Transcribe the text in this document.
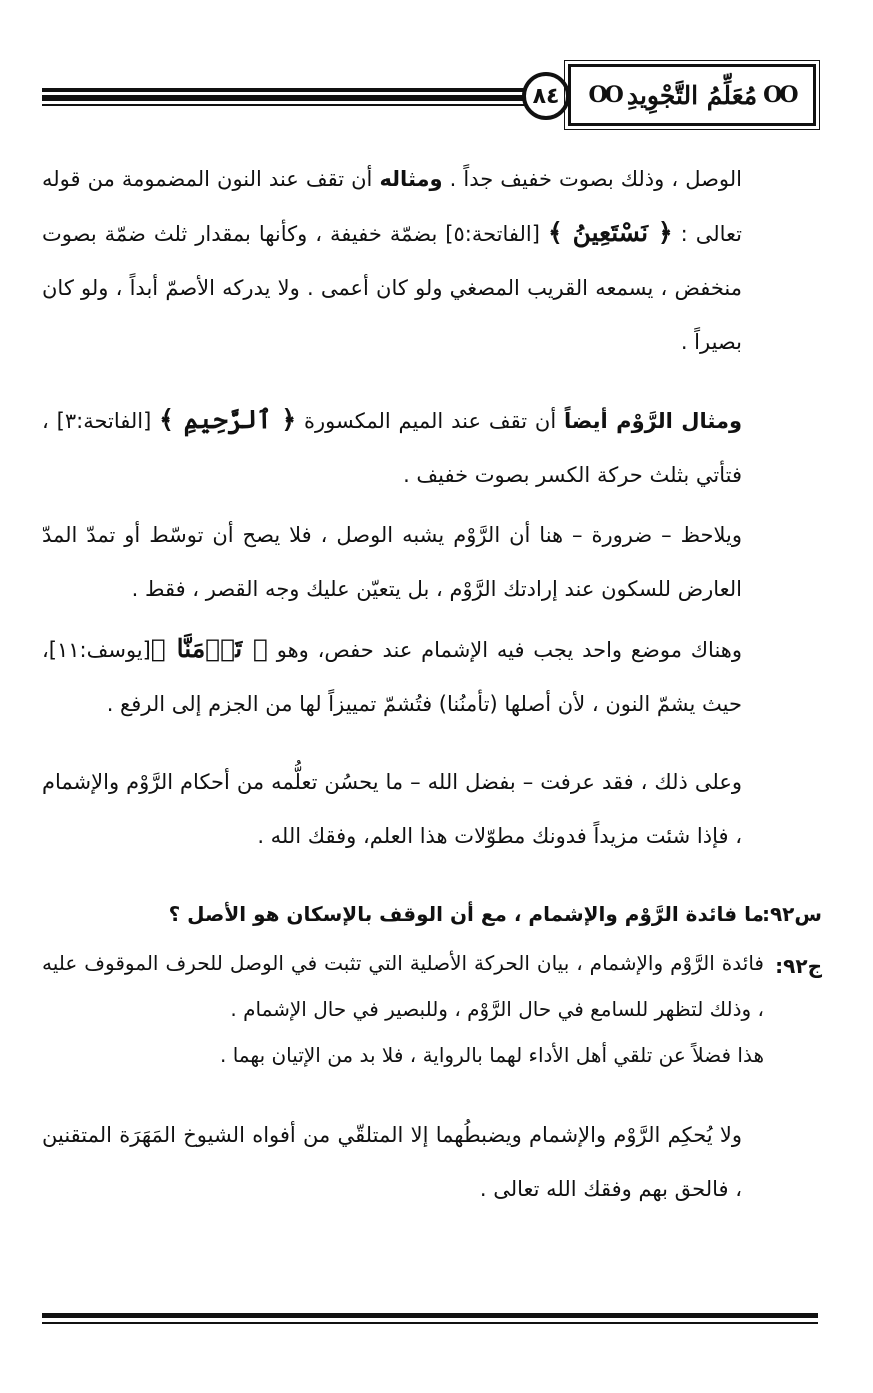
٨٤	OO
مُعَلِّمُ التَّجْوِيدِ
OO

الوصل ، وذلك بصوت خفيف جداً . ومثاله أن تقف عند النون المضمومة من قوله تعالى : ﴿ نَسْتَعِينُ ﴾ [الفاتحة:٥] بضمّة خفيفة ، وكأنها بمقدار ثلث ضمّة بصوت منخفض ، يسمعه القريب المصغي ولو كان أعمى . ولا يدركه الأصمّ أبداً ، ولو كان بصيراً .

ومثال الرَّوْم أيضاً أن تقف عند الميم المكسورة ﴿ ٱلرَّحِيمِ ﴾ [الفاتحة:٣] ، فتأتي بثلث حركة الكسر بصوت خفيف .

ويلاحظ – ضرورة – هنا أن الرَّوْم يشبه الوصل ، فلا يصح أن توسّط أو تمدّ المدّ العارض للسكون عند إرادتك الرَّوْم ، بل يتعيّن عليك وجه القصر ، فقط .

وهناك موضع واحد يجب فيه الإشمام عند حفص، وهو ﴿ تَأۡمَنَّا ﴾[يوسف:١١]، حيث يشمّ النون ، لأن أصلها (تأمنُنا) فتُشمّ تمييزاً لها من الجزم إلى الرفع .

وعلى ذلك ، فقد عرفت – بفضل الله – ما يحسُن تعلُّمه من أحكام الرَّوْم والإشمام ، فإذا شئت مزيداً فدونك مطوّلات هذا العلم، وفقك الله .

س٩٢:
ما فائدة الرَّوْم والإشمام ، مع أن الوقف بالإسكان هو الأصل ؟
ج٩٢:
فائدة الرَّوْم والإشمام ، بيان الحركة الأصلية التي تثبت في الوصل للحرف الموقوف عليه ، وذلك لتظهر للسامع في حال الرَّوْم ، وللبصير في حال الإشمام .
هذا فضلاً عن تلقي أهل الأداء لهما بالرواية ، فلا بد من الإتيان بهما .
ولا يُحكِم الرَّوْم والإشمام ويضبطُهما إلا المتلقّي من أفواه الشيوخ المَهَرَة المتقنين ، فالحق بهم وفقك الله تعالى .
